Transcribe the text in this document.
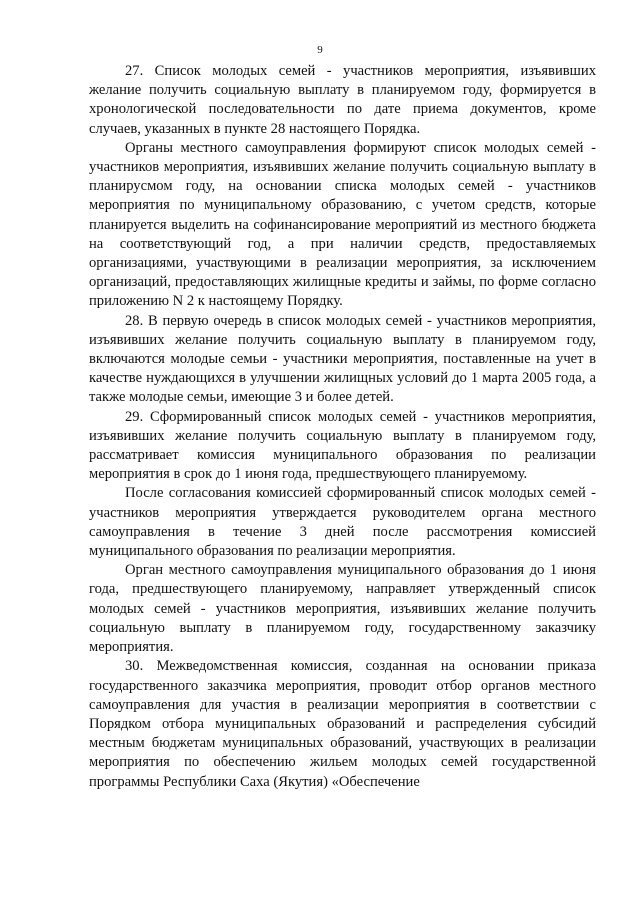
9

27. Список молодых семей - участников мероприятия, изъявивших желание получить социальную выплату в планируемом году, формируется в хронологической последовательности по дате приема документов, кроме случаев, указанных в пункте 28 настоящего Порядка.

Органы местного самоуправления формируют список молодых семей - участников мероприятия, изъявивших желание получить социальную выплату в планирусмом году, на основании списка молодых семей - участников мероприятия по муниципальному образованию, с учетом средств, которые планируется выделить на софинансирование мероприятий из местного бюджета на соответствующий год, а при наличии средств, предоставляемых организациями, участвующими в реализации мероприятия, за исключением организаций, предоставляющих жилищные кредиты и займы, по форме согласно приложению N 2 к настоящему Порядку.

28. В первую очередь в список молодых семей - участников мероприятия, изъявивших желание получить социальную выплату в планируемом году, включаются молодые семьи - участники мероприятия, поставленные на учет в качестве нуждающихся в улучшении жилищных условий до 1 марта 2005 года, а также молодые семьи, имеющие 3 и более детей.

29. Сформированный список молодых семей - участников мероприятия, изъявивших желание получить социальную выплату в планируемом году, рассматривает комиссия муниципального образования по реализации мероприятия в срок до 1 июня года, предшествующего планируемому.

После согласования комиссией сформированный список молодых семей - участников мероприятия утверждается руководителем органа местного самоуправления в течение 3 дней после рассмотрения комиссией муниципального образования по реализации мероприятия.

Орган местного самоуправления муниципального образования до 1 июня года, предшествующего планируемому, направляет утвержденный список молодых семей - участников мероприятия, изъявивших желание получить социальную выплату в планируемом году, государственному заказчику мероприятия.

30. Межведомственная комиссия, созданная на основании приказа государственного заказчика мероприятия, проводит отбор органов местного самоуправления для участия в реализации мероприятия в соответствии с Порядком отбора муниципальных образований и распределения субсидий местным бюджетам муниципальных образований, участвующих в реализации мероприятия по обеспечению жильем молодых семей государственной программы Республики Саха (Якутия) «Обеспечение
